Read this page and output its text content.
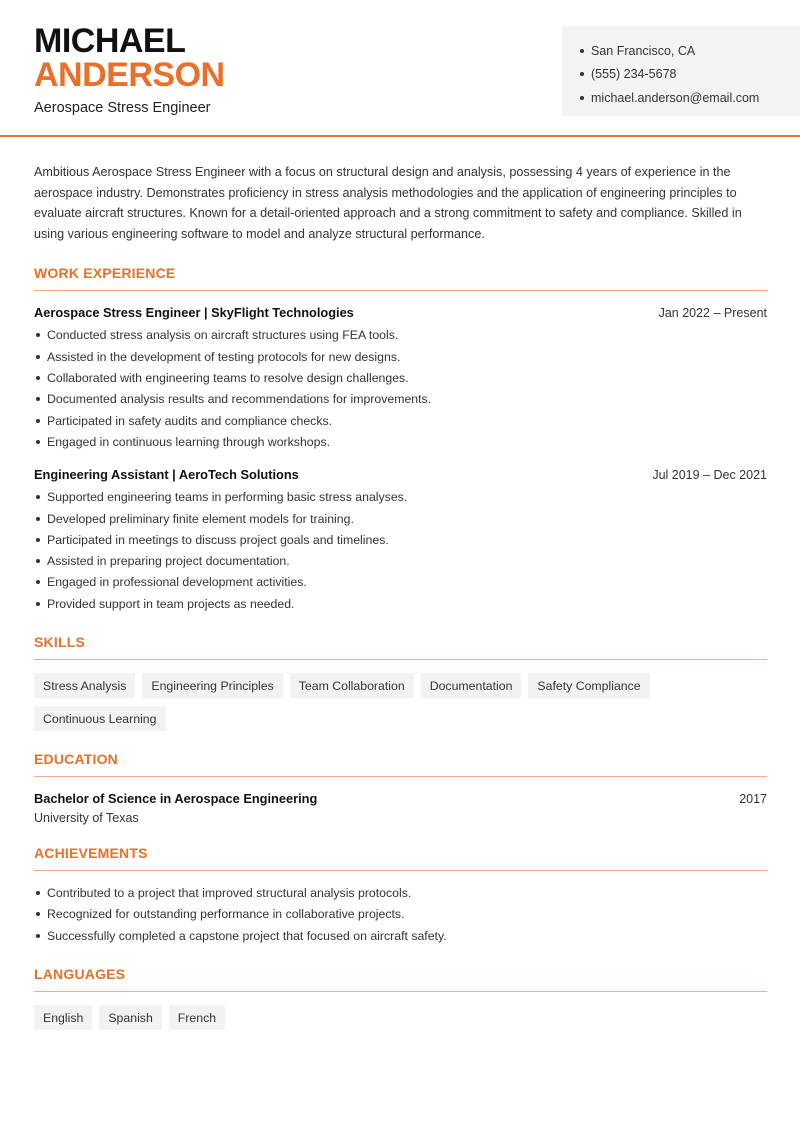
MICHAEL
ANDERSON
Aerospace Stress Engineer
San Francisco, CA
(555) 234-5678
michael.anderson@email.com

Ambitious Aerospace Stress Engineer with a focus on structural design and analysis, possessing 4 years of experience in the aerospace industry. Demonstrates proficiency in stress analysis methodologies and the application of engineering principles to evaluate aircraft structures. Known for a detail-oriented approach and a strong commitment to safety and compliance. Skilled in using various engineering software to model and analyze structural performance.

WORK EXPERIENCE
Aerospace Stress Engineer | SkyFlight Technologies	Jan 2022 – Present
Conducted stress analysis on aircraft structures using FEA tools.
Assisted in the development of testing protocols for new designs.
Collaborated with engineering teams to resolve design challenges.
Documented analysis results and recommendations for improvements.
Participated in safety audits and compliance checks.
Engaged in continuous learning through workshops.
Engineering Assistant | AeroTech Solutions	Jul 2019 – Dec 2021
Supported engineering teams in performing basic stress analyses.
Developed preliminary finite element models for training.
Participated in meetings to discuss project goals and timelines.
Assisted in preparing project documentation.
Engaged in professional development activities.
Provided support in team projects as needed.
SKILLS
Stress Analysis	Engineering Principles	Team Collaboration	Documentation	Safety Compliance
Continuous Learning
EDUCATION
Bachelor of Science in Aerospace Engineering	2017
University of Texas
ACHIEVEMENTS
Contributed to a project that improved structural analysis protocols.
Recognized for outstanding performance in collaborative projects.
Successfully completed a capstone project that focused on aircraft safety.
LANGUAGES
English	Spanish	French
